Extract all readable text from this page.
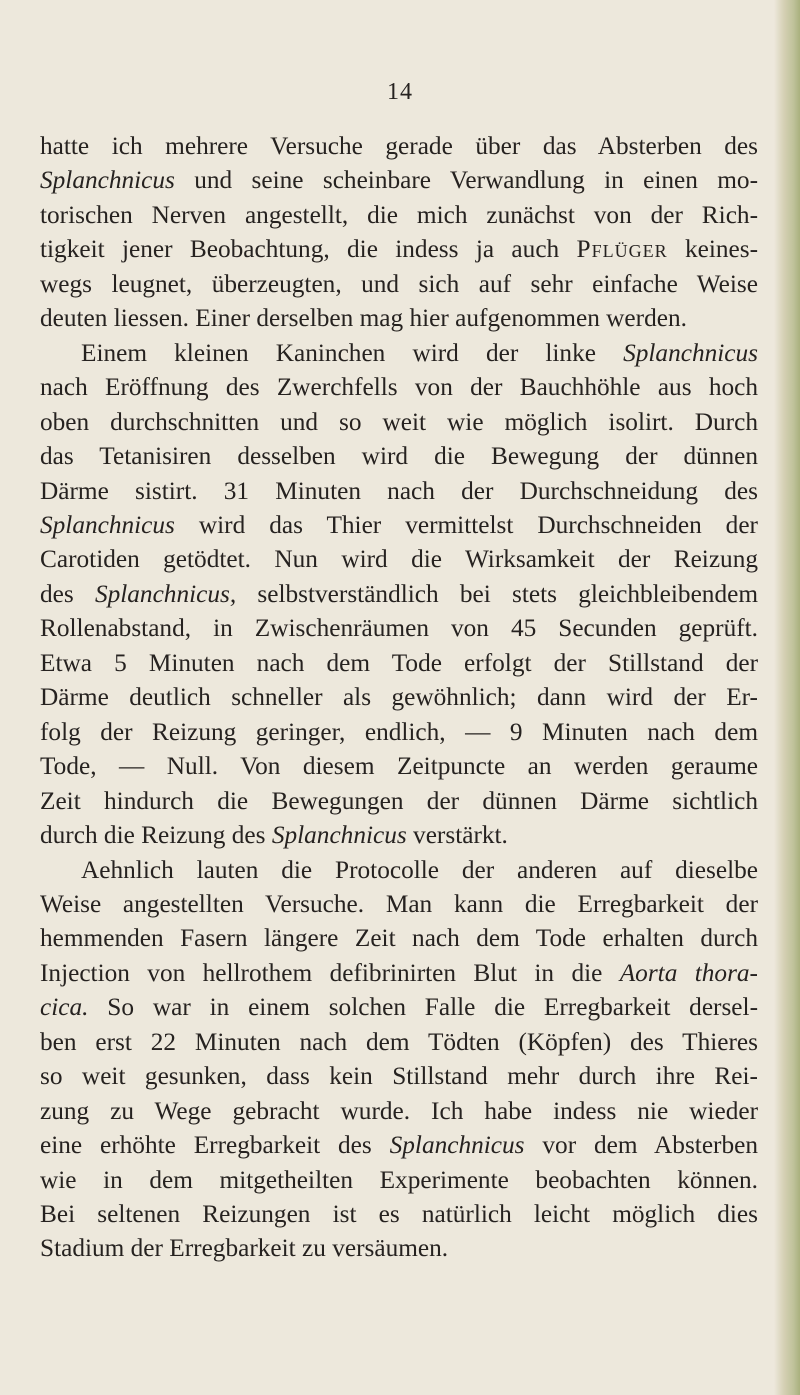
14
hatte ich mehrere Versuche gerade über das Absterben des
Splanchnicus und seine scheinbare Verwandlung in einen mo-
torischen Nerven angestellt, die mich zunächst von der Rich-
tigkeit jener Beobachtung, die indess ja auch Pflüger keines-
wegs leugnet, überzeugten, und sich auf sehr einfache Weise
deuten liessen. Einer derselben mag hier aufgenommen werden.
Einem kleinen Kaninchen wird der linke Splanchnicus
nach Eröffnung des Zwerchfells von der Bauchhöhle aus hoch
oben durchschnitten und so weit wie möglich isolirt. Durch
das Tetanisiren desselben wird die Bewegung der dünnen
Därme sistirt. 31 Minuten nach der Durchschneidung des
Splanchnicus wird das Thier vermittelst Durchschneiden der
Carotiden getödtet. Nun wird die Wirksamkeit der Reizung
des Splanchnicus, selbstverständlich bei stets gleichbleibendem
Rollenabstand, in Zwischenräumen von 45 Secunden geprüft.
Etwa 5 Minuten nach dem Tode erfolgt der Stillstand der
Därme deutlich schneller als gewöhnlich; dann wird der Er-
folg der Reizung geringer, endlich, — 9 Minuten nach dem
Tode, — Null. Von diesem Zeitpuncte an werden geraume
Zeit hindurch die Bewegungen der dünnen Därme sichtlich
durch die Reizung des Splanchnicus verstärkt.
Aehnlich lauten die Protocolle der anderen auf dieselbe
Weise angestellten Versuche. Man kann die Erregbarkeit der
hemmenden Fasern längere Zeit nach dem Tode erhalten durch
Injection von hellrothem defibrinirten Blut in die Aorta thora-
cica. So war in einem solchen Falle die Erregbarkeit dersel-
ben erst 22 Minuten nach dem Tödten (Köpfen) des Thieres
so weit gesunken, dass kein Stillstand mehr durch ihre Rei-
zung zu Wege gebracht wurde. Ich habe indess nie wieder
eine erhöhte Erregbarkeit des Splanchnicus vor dem Absterben
wie in dem mitgetheilten Experimente beobachten können.
Bei seltenen Reizungen ist es natürlich leicht möglich dies
Stadium der Erregbarkeit zu versäumen.
